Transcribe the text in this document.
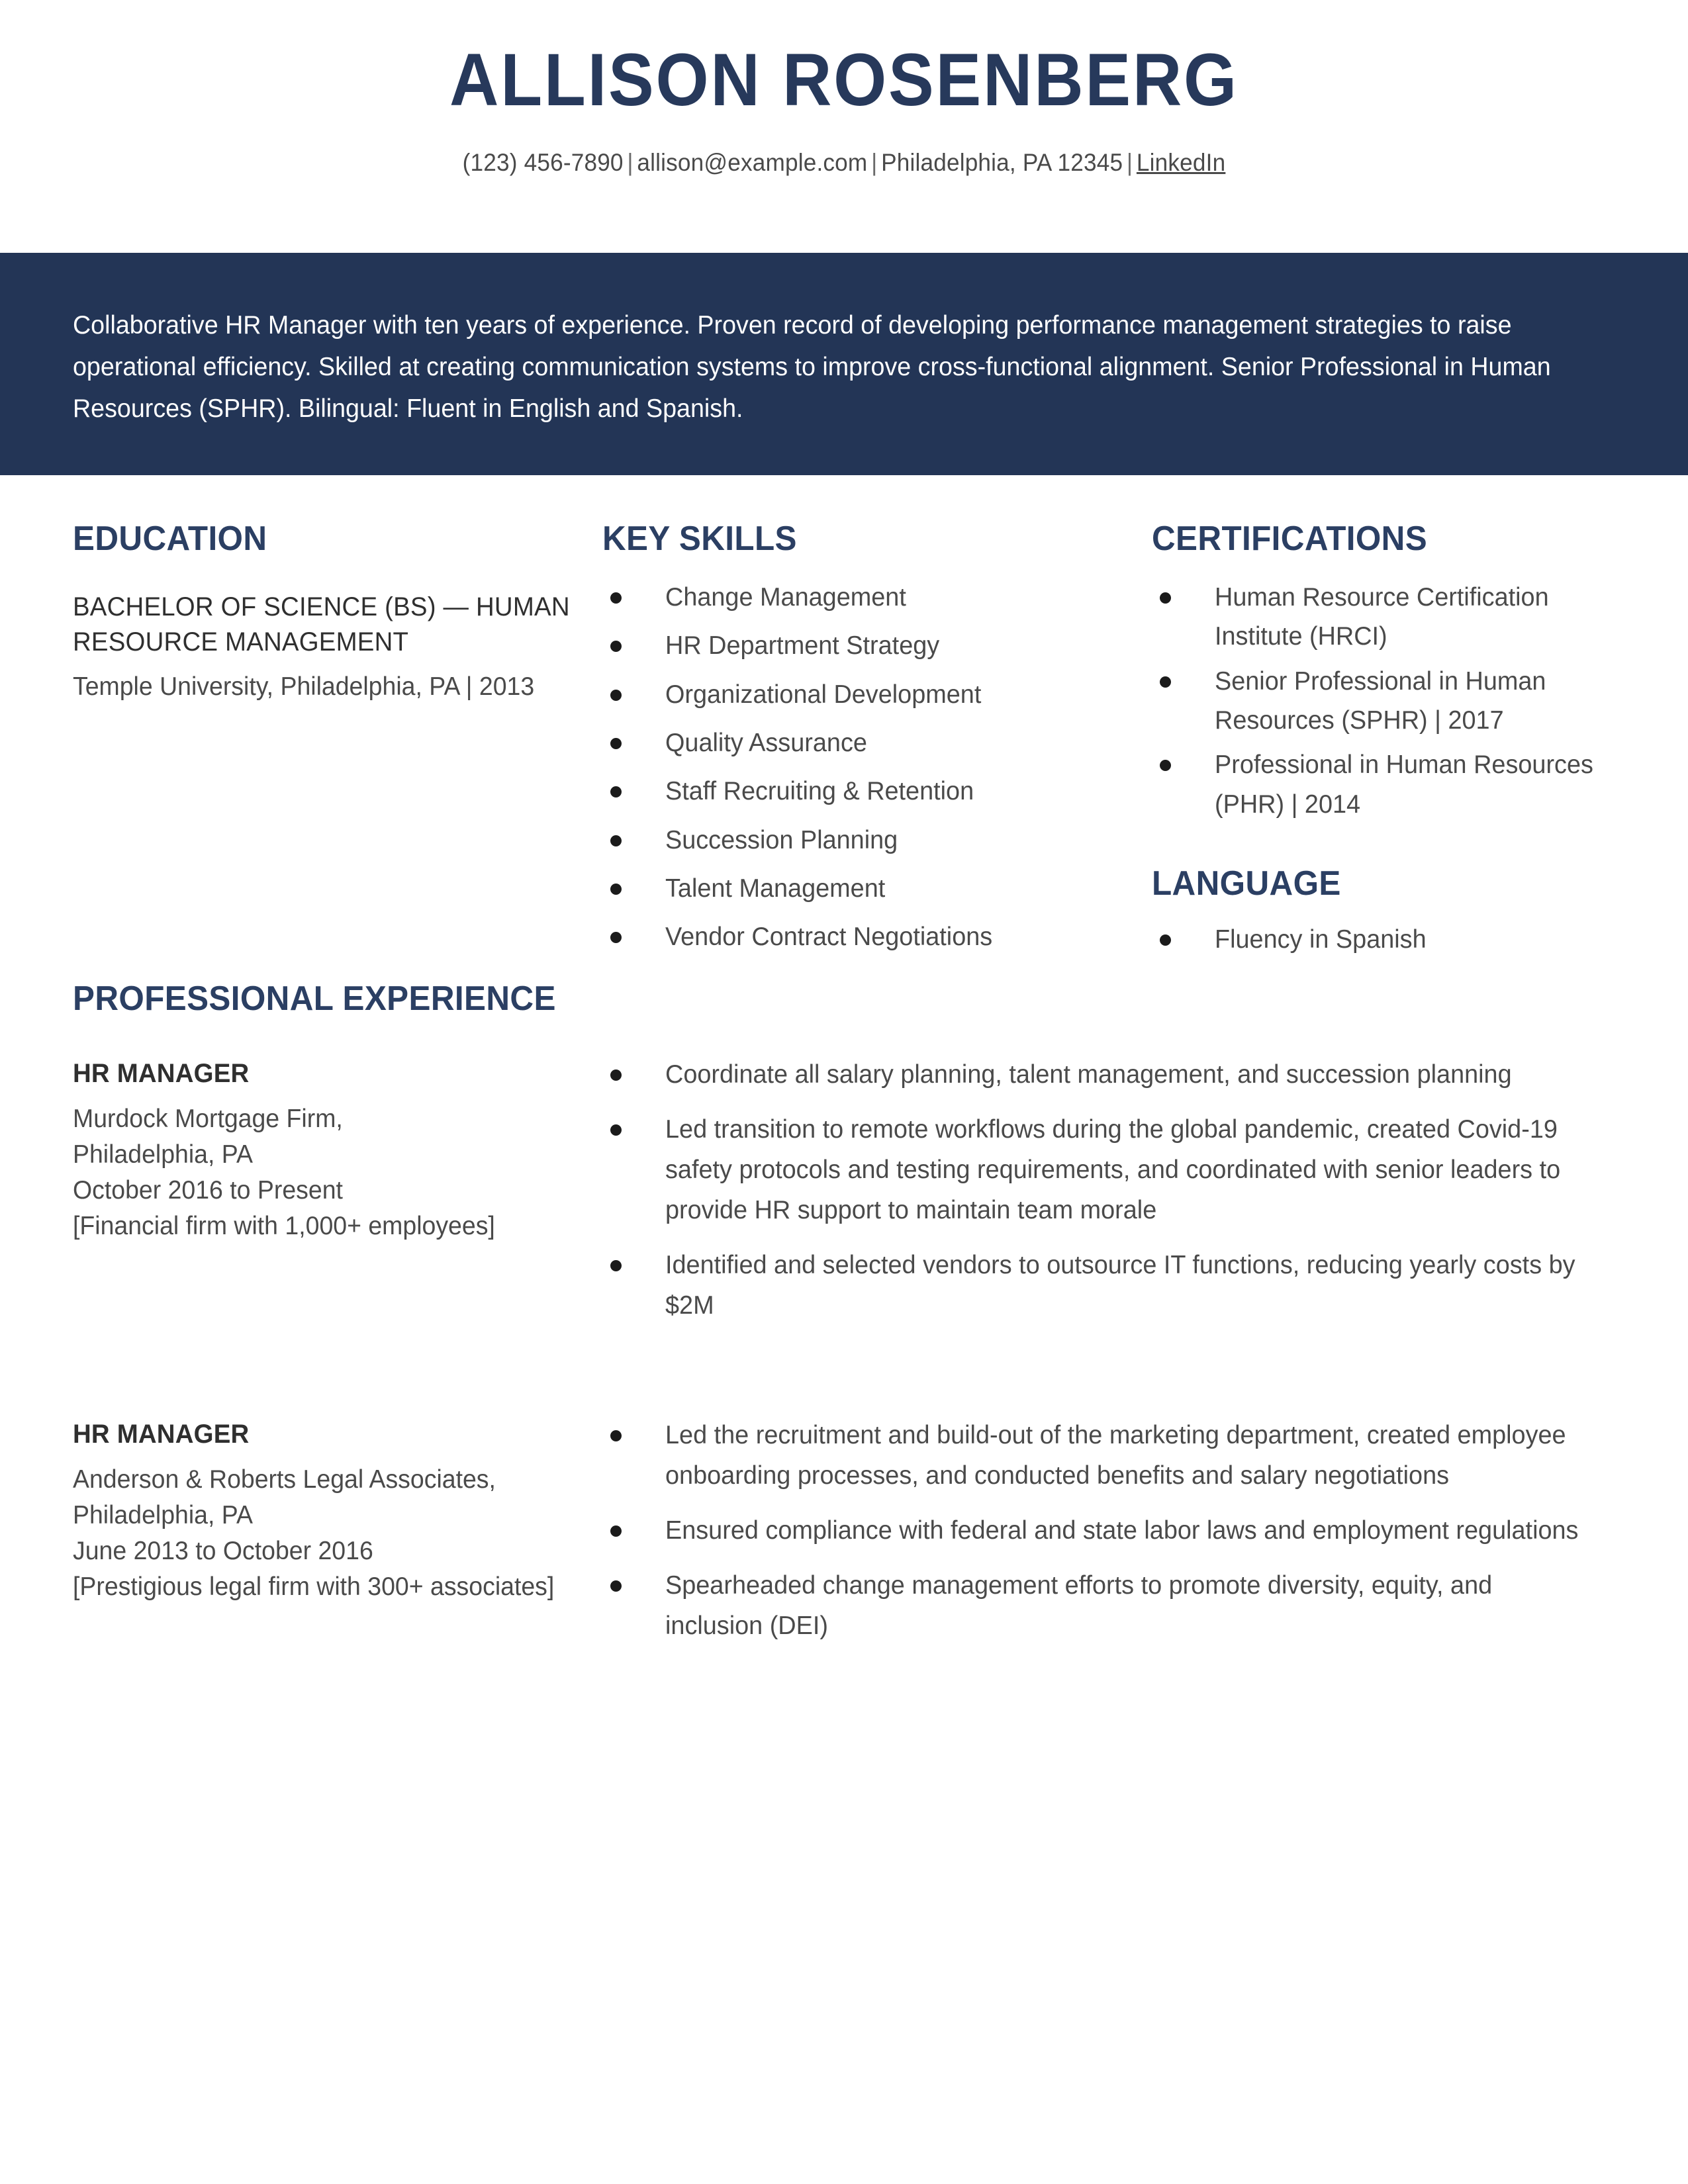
ALLISON ROSENBERG
(123) 456-7890 | allison@example.com | Philadelphia, PA 12345 | LinkedIn
Collaborative HR Manager with ten years of experience. Proven record of developing performance management strategies to raise operational efficiency. Skilled at creating communication systems to improve cross-functional alignment. Senior Professional in Human Resources (SPHR). Bilingual: Fluent in English and Spanish.
EDUCATION
BACHELOR OF SCIENCE (BS) — HUMAN RESOURCE MANAGEMENT
Temple University, Philadelphia, PA | 2013
KEY SKILLS
Change Management
HR Department Strategy
Organizational Development
Quality Assurance
Staff Recruiting & Retention
Succession Planning
Talent Management
Vendor Contract Negotiations
CERTIFICATIONS
Human Resource Certification Institute (HRCI)
Senior Professional in Human Resources (SPHR) | 2017
Professional in Human Resources (PHR) | 2014
LANGUAGE
Fluency in Spanish
PROFESSIONAL EXPERIENCE
HR MANAGER
Murdock Mortgage Firm,
Philadelphia, PA
October 2016 to Present
[Financial firm with 1,000+ employees]
Coordinate all salary planning, talent management, and succession planning
Led transition to remote workflows during the global pandemic, created Covid-19 safety protocols and testing requirements, and coordinated with senior leaders to provide HR support to maintain team morale
Identified and selected vendors to outsource IT functions, reducing yearly costs by $2M
HR MANAGER
Anderson & Roberts Legal Associates,
Philadelphia, PA
June 2013 to October 2016
[Prestigious legal firm with 300+ associates]
Led the recruitment and build-out of the marketing department, created employee onboarding processes, and conducted benefits and salary negotiations
Ensured compliance with federal and state labor laws and employment regulations
Spearheaded change management efforts to promote diversity, equity, and inclusion (DEI)
